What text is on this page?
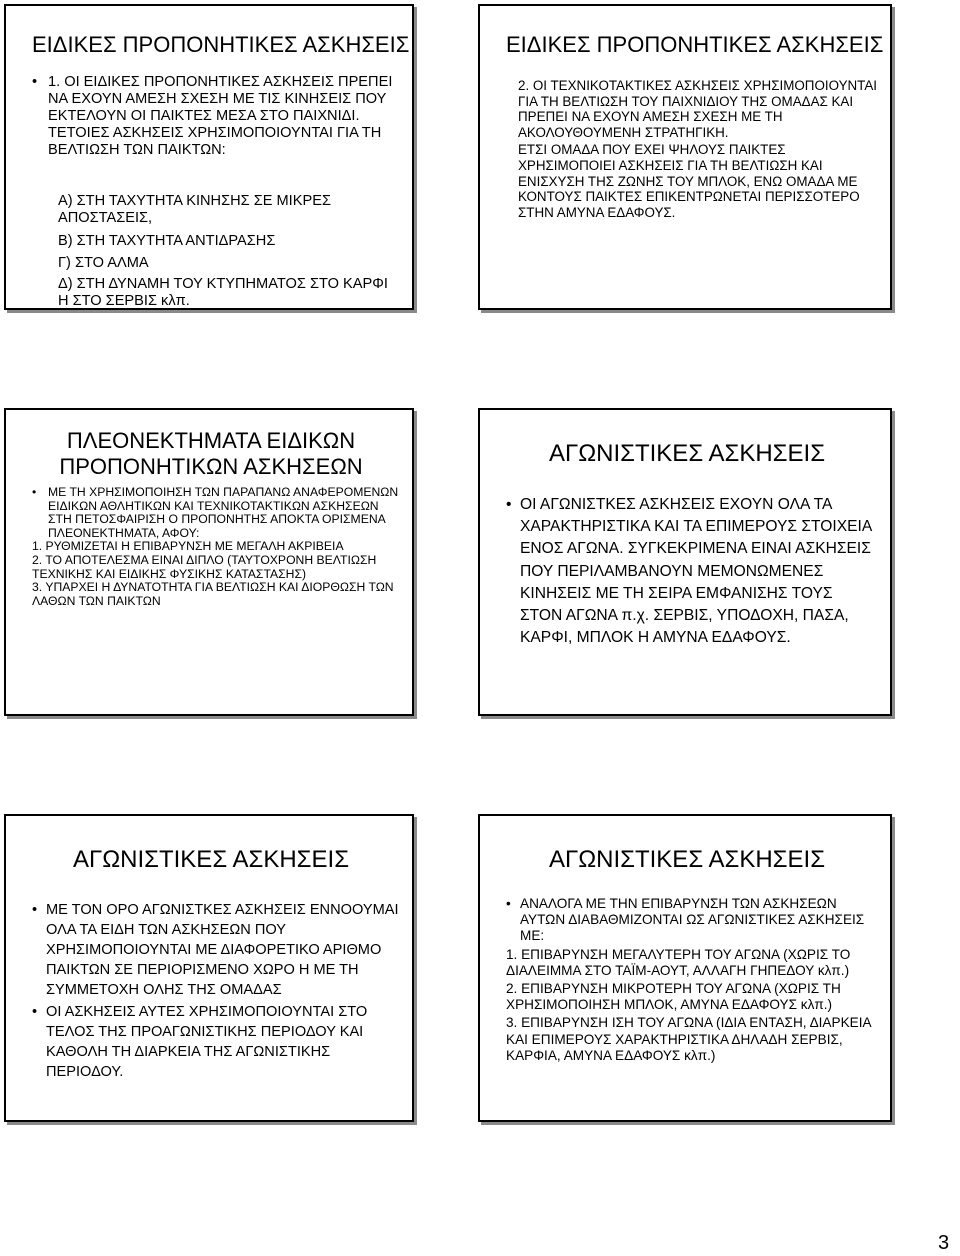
ΕΙΔΙΚΕΣ ΠΡΟΠΟΝΗΤΙΚΕΣ ΑΣΚΗΣΕΙΣ
• 1. ΟΙ ΕΙΔΙΚΕΣ ΠΡΟΠΟΝΗΤΙΚΕΣ ΑΣΚΗΣΕΙΣ ΠΡΕΠΕΙ ΝΑ ΕΧΟΥΝ ΑΜΕΣΗ ΣΧΕΣΗ ΜΕ ΤΙΣ ΚΙΝΗΣΕΙΣ ΠΟΥ ΕΚΤΕΛΟΥΝ ΟΙ ΠΑΙΚΤΕΣ ΜΕΣΑ ΣΤΟ ΠΑΙΧΝΙΔΙ. ΤΕΤΟΙΕΣ ΑΣΚΗΣΕΙΣ ΧΡΗΣΙΜΟΠΟΙΟΥΝΤΑΙ ΓΙΑ ΤΗ ΒΕΛΤΙΩΣΗ ΤΩΝ ΠΑΙΚΤΩΝ:
Α) ΣΤΗ ΤΑΧΥΤΗΤΑ ΚΙΝΗΣΗΣ ΣΕ ΜΙΚΡΕΣ ΑΠΟΣΤΑΣΕΙΣ,
Β) ΣΤΗ ΤΑΧΥΤΗΤΑ ΑΝΤΙΔΡΑΣΗΣ
Γ) ΣΤΟ ΑΛΜΑ
Δ) ΣΤΗ ΔΥΝΑΜΗ ΤΟΥ ΚΤΥΠΗΜΑΤΟΣ ΣΤΟ ΚΑΡΦΙ Η ΣΤΟ ΣΕΡΒΙΣ κλπ.
ΕΙΔΙΚΕΣ ΠΡΟΠΟΝΗΤΙΚΕΣ ΑΣΚΗΣΕΙΣ

2. ΟΙ ΤΕΧΝΙΚΟΤΑΚΤΙΚΕΣ ΑΣΚΗΣΕΙΣ ΧΡΗΣΙΜΟΠΟΙΟΥΝΤΑΙ ΓΙΑ ΤΗ ΒΕΛΤΙΩΣΗ ΤΟΥ ΠΑΙΧΝΙΔΙΟΥ ΤΗΣ ΟΜΑΔΑΣ ΚΑΙ ΠΡΕΠΕΙ ΝΑ ΕΧΟΥΝ ΑΜΕΣΗ ΣΧΕΣΗ ΜΕ ΤΗ ΑΚΟΛΟΥΘΟΥΜΕΝΗ ΣΤΡΑΤΗΓΙΚΗ.

ΕΤΣΙ ΟΜΑΔΑ ΠΟΥ ΕΧΕΙ ΨΗΛΟΥΣ ΠΑΙΚΤΕΣ ΧΡΗΣΙΜΟΠΟΙΕΙ ΑΣΚΗΣΕΙΣ ΓΙΑ ΤΗ ΒΕΛΤΙΩΣΗ ΚΑΙ ΕΝΙΣΧΥΣΗ ΤΗΣ ΖΩΝΗΣ ΤΟΥ ΜΠΛΟΚ, ΕΝΩ ΟΜΑΔΑ ΜΕ ΚΟΝΤΟΥΣ ΠΑΙΚΤΕΣ ΕΠΙΚΕΝΤΡΩΝΕΤΑΙ ΠΕΡΙΣΣΟΤΕΡΟ ΣΤΗΝ ΑΜΥΝΑ ΕΔΑΦΟΥΣ.

ΠΛΕΟΝΕΚΤΗΜΑΤΑ ΕΙΔΙΚΩΝ ΠΡΟΠΟΝΗΤΙΚΩΝ ΑΣΚΗΣΕΩΝ
• ΜΕ ΤΗ ΧΡΗΣΙΜΟΠΟΙΗΣΗ ΤΩΝ ΠΑΡΑΠΑΝΩ ΑΝΑΦΕΡΟΜΕΝΩΝ ΕΙΔΙΚΩΝ ΑΘΛΗΤΙΚΩΝ ΚΑΙ ΤΕΧΝΙΚΟΤΑΚΤΙΚΩΝ ΑΣΚΗΣΕΩΝ ΣΤΗ ΠΕΤΟΣΦΑΙΡΙΣΗ Ο ΠΡΟΠΟΝΗΤΗΣ ΑΠΟΚΤΑ ΟΡΙΣΜΕΝΑ ΠΛΕΟΝΕΚΤΗΜΑΤΑ, ΑΦΟΥ:

1. ΡΥΘΜΙΖΕΤΑΙ Η ΕΠΙΒΑΡΥΝΣΗ ΜΕ ΜΕΓΑΛΗ ΑΚΡΙΒΕΙΑ

2. ΤΟ ΑΠΟΤΕΛΕΣΜΑ ΕΙΝΑΙ ΔΙΠΛΟ (ΤΑΥΤΟΧΡΟΝΗ ΒΕΛΤΙΩΣΗ ΤΕΧΝΙΚΗΣ ΚΑΙ ΕΙΔΙΚΗΣ ΦΥΣΙΚΗΣ ΚΑΤΑΣΤΑΣΗΣ)

3. ΥΠΑΡΧΕΙ Η ΔΥΝΑΤΟΤΗΤΑ ΓΙΑ ΒΕΛΤΙΩΣΗ ΚΑΙ ΔΙΟΡΘΩΣΗ ΤΩΝ ΛΑΘΩΝ ΤΩΝ ΠΑΙΚΤΩΝ

ΑΓΩΝΙΣΤΙΚΕΣ ΑΣΚΗΣΕΙΣ
• ΟΙ ΑΓΩΝΙΣΤΚΕΣ ΑΣΚΗΣΕΙΣ ΕΧΟΥΝ ΟΛΑ ΤΑ ΧΑΡΑΚΤΗΡΙΣΤΙΚΑ ΚΑΙ ΤΑ ΕΠΙΜΕΡΟΥΣ ΣΤΟΙΧΕΙΑ ΕΝΟΣ ΑΓΩΝΑ. ΣΥΓΚΕΚΡΙΜΕΝΑ ΕΙΝΑΙ ΑΣΚΗΣΕΙΣ ΠΟΥ ΠΕΡΙΛΑΜΒΑΝΟΥΝ ΜΕΜΟΝΩΜΕΝΕΣ ΚΙΝΗΣΕΙΣ ΜΕ ΤΗ ΣΕΙΡΑ ΕΜΦΑΝΙΣΗΣ ΤΟΥΣ ΣΤΟΝ ΑΓΩΝΑ π.χ. ΣΕΡΒΙΣ, ΥΠΟΔΟΧΗ, ΠΑΣΑ, ΚΑΡΦΙ, ΜΠΛΟΚ Η ΑΜΥΝΑ ΕΔΑΦΟΥΣ.
ΑΓΩΝΙΣΤΙΚΕΣ ΑΣΚΗΣΕΙΣ
• ΜΕ ΤΟΝ ΟΡΟ ΑΓΩΝΙΣΤΚΕΣ ΑΣΚΗΣΕΙΣ ΕΝΝΟΟΥΜΑΙ ΟΛΑ ΤΑ ΕΙΔΗ ΤΩΝ ΑΣΚΗΣΕΩΝ ΠΟΥ ΧΡΗΣΙΜΟΠΟΙΟΥΝΤΑΙ ΜΕ ΔΙΑΦΟΡΕΤΙΚΟ ΑΡΙΘΜΟ ΠΑΙΚΤΩΝ ΣΕ ΠΕΡΙΟΡΙΣΜΕΝΟ ΧΩΡΟ Η ΜΕ ΤΗ ΣΥΜΜΕΤΟΧΗ ΟΛΗΣ ΤΗΣ ΟΜΑΔΑΣ
• ΟΙ ΑΣΚΗΣΕΙΣ ΑΥΤΕΣ ΧΡΗΣΙΜΟΠΟΙΟΥΝΤΑΙ ΣΤΟ ΤΕΛΟΣ ΤΗΣ ΠΡΟΑΓΩΝΙΣΤΙΚΗΣ ΠΕΡΙΟΔΟΥ ΚΑΙ ΚΑΘΟΛΗ ΤΗ ΔΙΑΡΚΕΙΑ ΤΗΣ ΑΓΩΝΙΣΤΙΚΗΣ ΠΕΡΙΟΔΟΥ.
ΑΓΩΝΙΣΤΙΚΕΣ ΑΣΚΗΣΕΙΣ
• ΑΝΑΛΟΓΑ ΜΕ ΤΗΝ ΕΠΙΒΑΡΥΝΣΗ ΤΩΝ ΑΣΚΗΣΕΩΝ ΑΥΤΩΝ ΔΙΑΒΑΘΜΙΖΟΝΤΑΙ ΩΣ ΑΓΩΝΙΣΤΙΚΕΣ ΑΣΚΗΣΕΙΣ ΜΕ:

1. ΕΠΙΒΑΡΥΝΣΗ ΜΕΓΑΛΥΤΕΡΗ ΤΟΥ ΑΓΩΝΑ (ΧΩΡΙΣ ΤΟ ΔΙΑΛΕΙΜΜΑ ΣΤΟ ΤΑΪΜ-ΑΟΥΤ, ΑΛΛΑΓΗ ΓΗΠΕΔΟΥ κλπ.)

2. ΕΠΙΒΑΡΥΝΣΗ ΜΙΚΡΟΤΕΡΗ ΤΟΥ ΑΓΩΝΑ (ΧΩΡΙΣ ΤΗ ΧΡΗΣΙΜΟΠΟΙΗΣΗ ΜΠΛΟΚ, ΑΜΥΝΑ ΕΔΑΦΟΥΣ κλπ.)

3. ΕΠΙΒΑΡΥΝΣΗ ΙΣΗ ΤΟΥ ΑΓΩΝΑ (ΙΔΙΑ ΕΝΤΑΣΗ, ΔΙΑΡΚΕΙΑ ΚΑΙ ΕΠΙΜΕΡΟΥΣ ΧΑΡΑΚΤΗΡΙΣΤΙΚΑ ΔΗΛΑΔΗ ΣΕΡΒΙΣ, ΚΑΡΦΙΑ, ΑΜΥΝΑ ΕΔΑΦΟΥΣ κλπ.)

3
